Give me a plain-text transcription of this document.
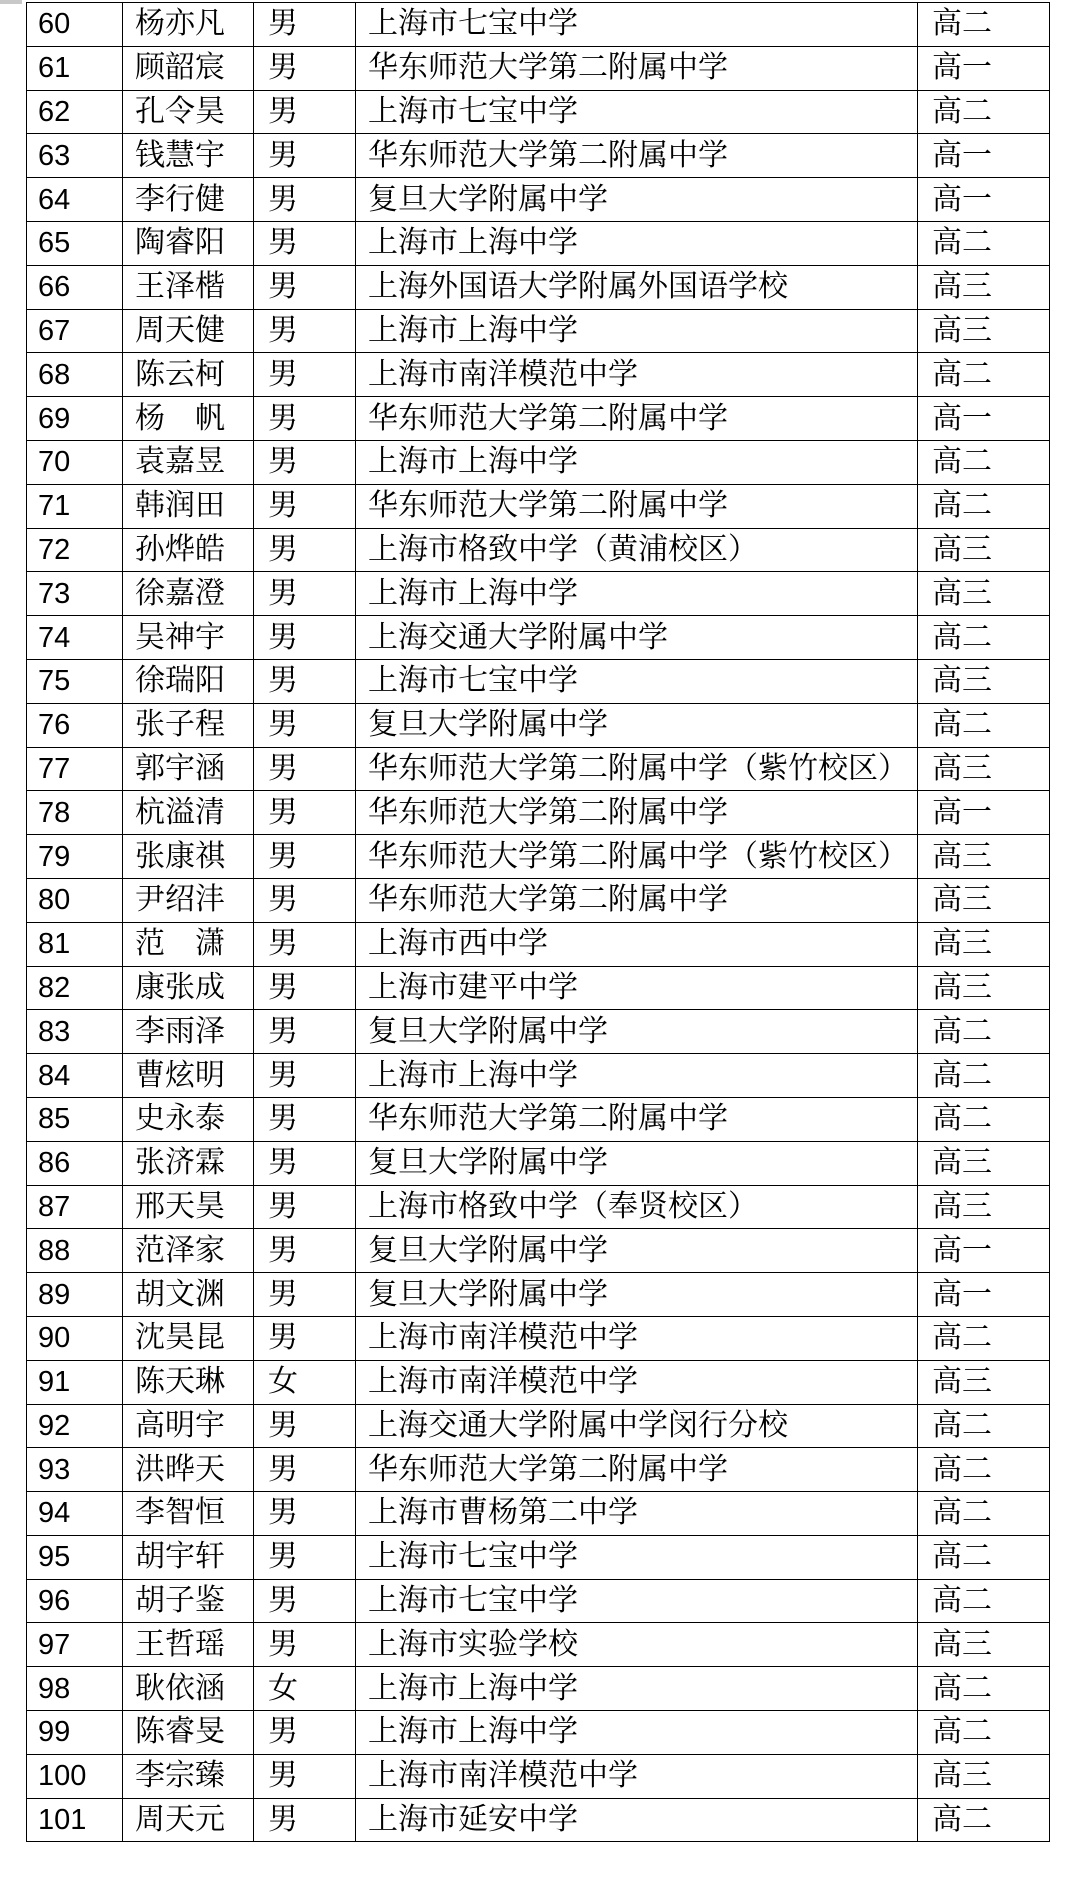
60	杨亦凡	男	上海市七宝中学	高二
61	顾韶宸	男	华东师范大学第二附属中学	高一
62	孔令昊	男	上海市七宝中学	高二
63	钱慧宇	男	华东师范大学第二附属中学	高一
64	李行健	男	复旦大学附属中学	高一
65	陶睿阳	男	上海市上海中学	高二
66	王泽楷	男	上海外国语大学附属外国语学校	高三
67	周天健	男	上海市上海中学	高三
68	陈云柯	男	上海市南洋模范中学	高二
69	杨　帆	男	华东师范大学第二附属中学	高一
70	袁嘉昱	男	上海市上海中学	高二
71	韩润田	男	华东师范大学第二附属中学	高二
72	孙烨皓	男	上海市格致中学（黄浦校区）	高三
73	徐嘉澄	男	上海市上海中学	高三
74	吴神宇	男	上海交通大学附属中学	高二
75	徐瑞阳	男	上海市七宝中学	高三
76	张子程	男	复旦大学附属中学	高二
77	郭宇涵	男	华东师范大学第二附属中学（紫竹校区）	高三
78	杭溢清	男	华东师范大学第二附属中学	高一
79	张康祺	男	华东师范大学第二附属中学（紫竹校区）	高三
80	尹绍沣	男	华东师范大学第二附属中学	高三
81	范　潇	男	上海市西中学	高三
82	康张成	男	上海市建平中学	高三
83	李雨泽	男	复旦大学附属中学	高二
84	曹炫明	男	上海市上海中学	高二
85	史永泰	男	华东师范大学第二附属中学	高二
86	张济霖	男	复旦大学附属中学	高三
87	邢天昊	男	上海市格致中学（奉贤校区）	高三
88	范泽家	男	复旦大学附属中学	高一
89	胡文渊	男	复旦大学附属中学	高一
90	沈昊昆	男	上海市南洋模范中学	高二
91	陈天琳	女	上海市南洋模范中学	高三
92	高明宇	男	上海交通大学附属中学闵行分校	高二
93	洪晔天	男	华东师范大学第二附属中学	高二
94	李智恒	男	上海市曹杨第二中学	高二
95	胡宇轩	男	上海市七宝中学	高二
96	胡子鉴	男	上海市七宝中学	高二
97	王哲瑶	男	上海市实验学校	高三
98	耿依涵	女	上海市上海中学	高二
99	陈睿旻	男	上海市上海中学	高二
100	李宗臻	男	上海市南洋模范中学	高三
101	周天元	男	上海市延安中学	高二
